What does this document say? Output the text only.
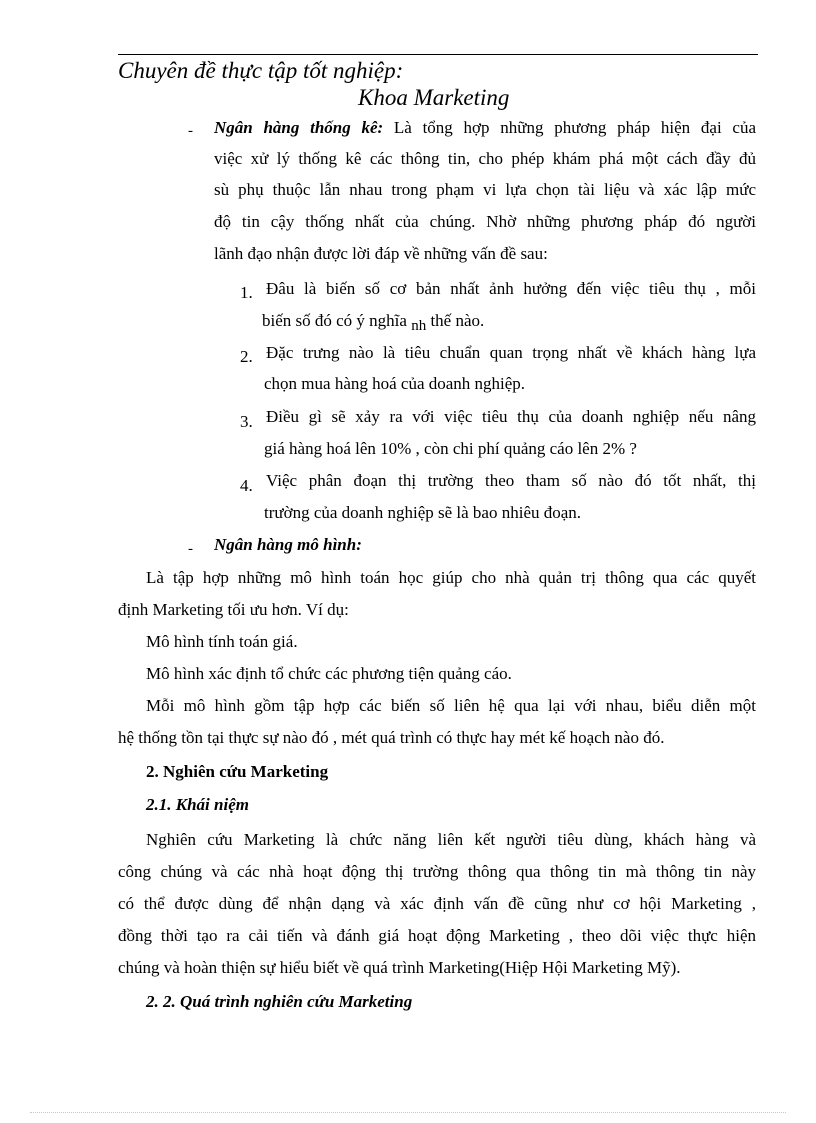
Chuyên đề thực tập tốt nghiệp:
Khoa Marketing
- Ngân hàng thống kê: Là tổng hợp những phương pháp hiện đại của
việc xử lý thống kê các thông tin, cho phép khám phá một cách đầy đủ
sù phụ thuộc lẫn nhau trong phạm vi lựa chọn tài liệu và xác lập mức
độ tin cậy thống nhất của chúng. Nhờ những phương pháp đó người
lãnh đạo nhận được lời đáp về những vấn đề sau:
1. Đâu là biến số cơ bản nhất ảnh hưởng đến việc tiêu thụ , mỗi
biến số đó có ý nghĩa nh thế nào.
2. Đặc trưng nào là tiêu chuẩn quan trọng nhất về khách hàng lựa
chọn mua hàng hoá của doanh nghiệp.
3. Điều gì sẽ xảy ra với việc tiêu thụ của doanh nghiệp nếu nâng
giá hàng hoá lên 10% , còn chi phí quảng cáo lên 2% ?
4. Việc phân đoạn thị trường theo tham số nào đó tốt nhất, thị
trường của doanh nghiệp sẽ là bao nhiêu đoạn.
- Ngân hàng mô hình:
Là tập hợp những mô hình toán học giúp cho nhà quản trị thông qua các quyết
định Marketing tối ưu hơn. Ví dụ:
Mô hình tính toán giá.
Mô hình xác định tổ chức các phương tiện quảng cáo.
Mỗi mô hình gồm tập hợp các biến số liên hệ qua lại với nhau, biểu diễn một
hệ thống tồn tại thực sự nào đó , mét quá trình có thực hay mét kế hoạch nào đó.
2. Nghiên cứu Marketing
2.1. Khái niệm
Nghiên cứu Marketing là chức năng liên kết người tiêu dùng, khách hàng và
công chúng và các nhà hoạt động thị trường thông qua thông tin mà thông tin này
có thể được dùng để nhận dạng và xác định vấn đề cũng như cơ hội Marketing ,
đồng thời tạo ra cải tiến và đánh giá hoạt động Marketing , theo dõi việc thực hiện
chúng và hoàn thiện sự hiểu biết về quá trình Marketing(Hiệp Hội Marketing Mỹ).
2. 2. Quá trình nghiên cứu Marketing
